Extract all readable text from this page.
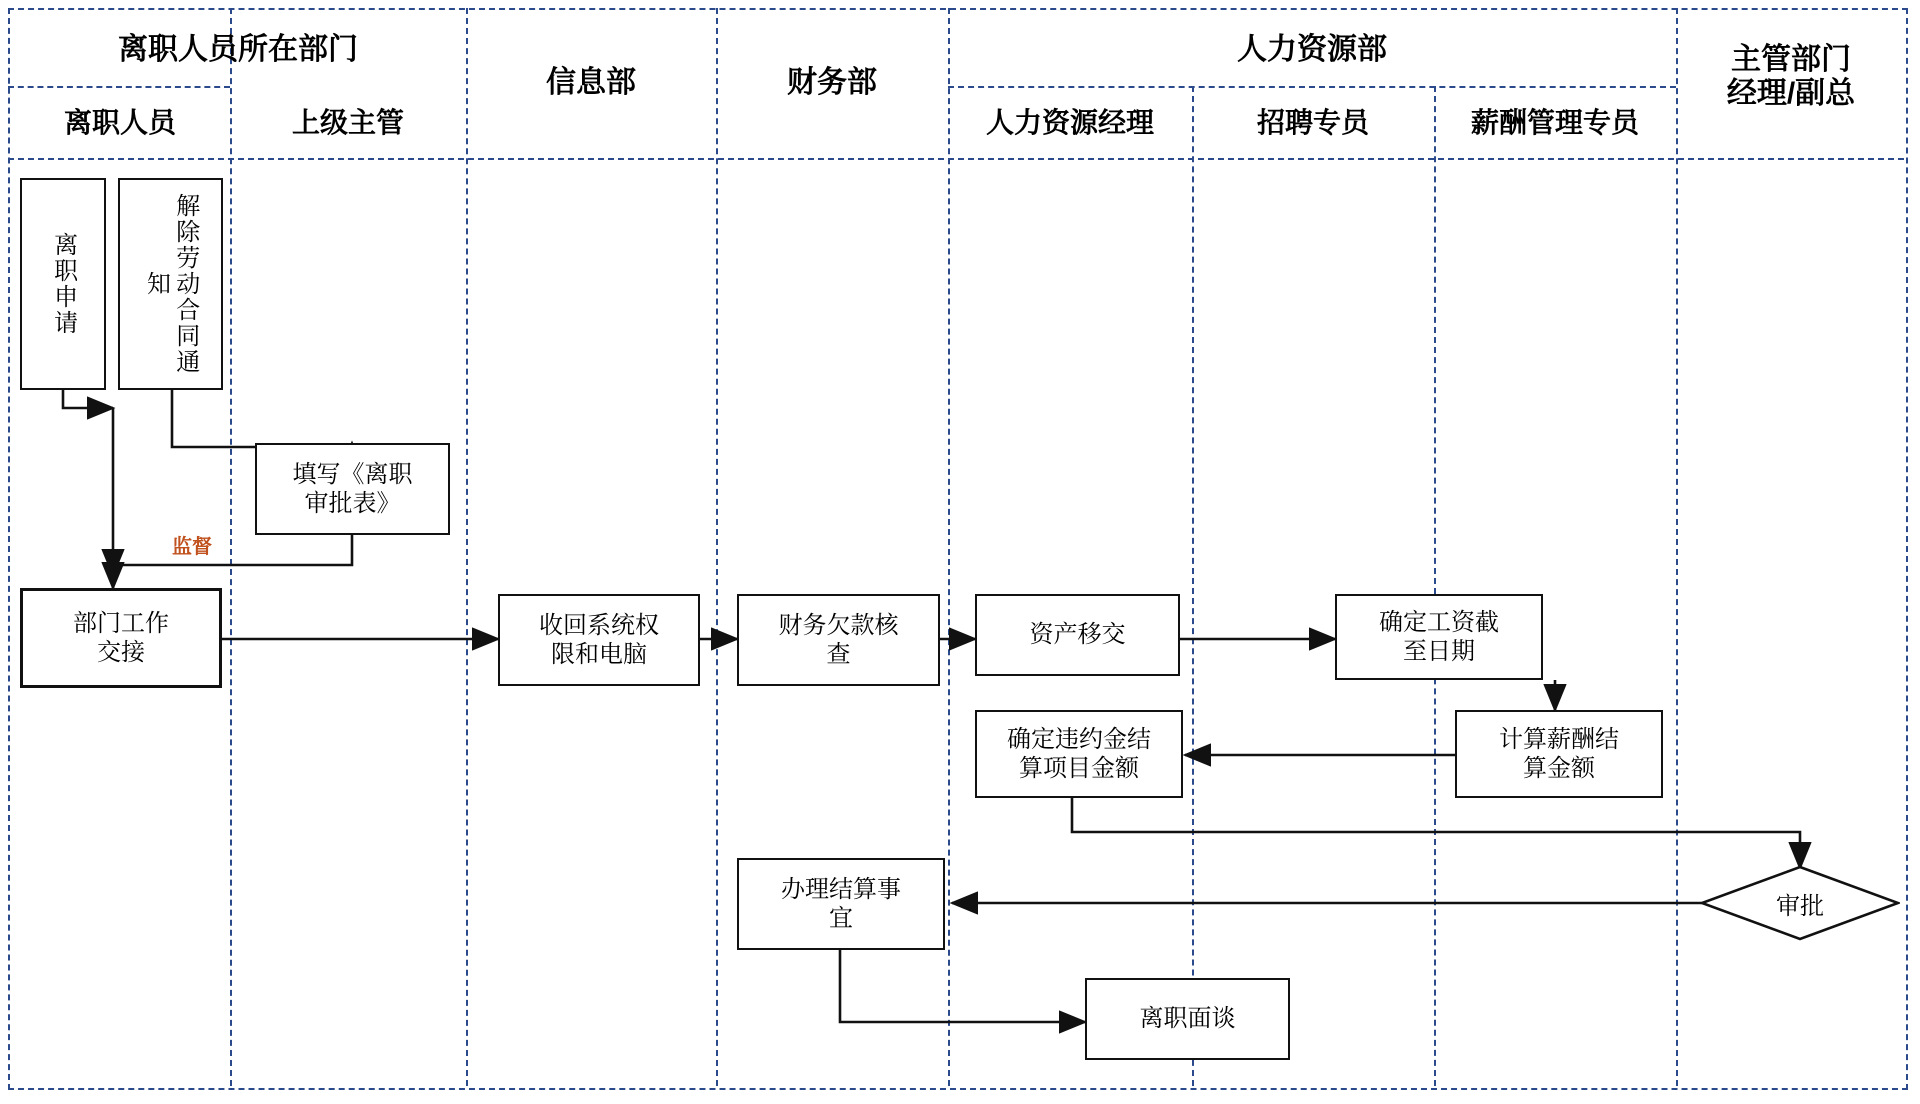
离职人员所在部门
信息部	财务部
人力资源部	主管部门
经理/副总
离职人员	上级主管	人力资源经理	招聘专员	薪酬管理专员
离职申请	解除劳动合同通知
填写《离职
审批表》
部门工作
交接
收回系统权
限和电脑
财务欠款核
查
资产移交	确定工资截
至日期
计算薪酬结
算金额
确定违约金结
算项目金额
办理结算事
宜
离职面谈
审批
监督
